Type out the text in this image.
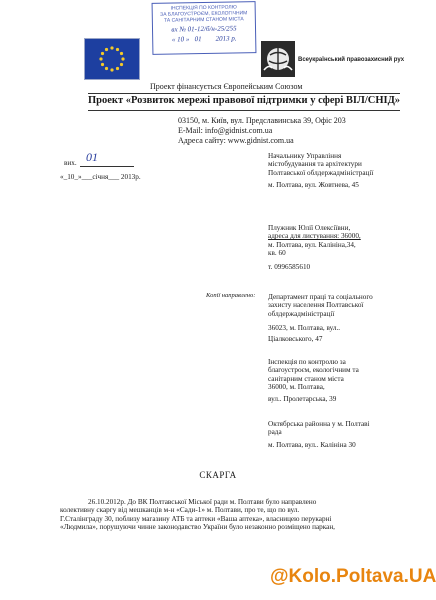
Всеукраїнський правозахисний рух
ІНСПЕКЦІЯ ПО КОНТРОЛЮ
ЗА БЛАГОУСТРОЄМ, ЕКОЛОГІЧНИМ
ТА САНІТАРНИМ СТАНОМ МІСТА
вх № 01-12/б/н-25/255
« 10 »   01        2013 р.
Проект фінансується Європейським Союзом
Проект «Розвиток мережі правової підтримки у сфері ВІЛ/СНІД»
03150, м. Київ, вул. Предславинська 39, Офіс 203
E-Mail: info@gidnist.com.ua
Адреса сайту: www.gidnist.com.ua
вих. 01
«_10_»___січня___ 2013р.
Начальнику Управління
містобудування та архітектури
Полтавської облдержадміністрації
м. Полтава, вул. Жовтнева, 45
Плужник Юлії Олексіївни,
адреса для листування: 36000,
м. Полтава, вул. Калініна,34,
кв. 60
т. 0996585610
Копії направлено: Департамент праці та соціального
захисту населення Полтавської
облдержадміністрації
36023, м. Полтава, вул..
Ціалковського, 47
Інспекція по контролю за
благоустроєм, екологічним та
санітарним станом міста
36000, м. Полтава,
вул.. Пролетарська, 39
Октябрська районна у м. Полтаві
рада
м. Полтава, вул.. Калініна 30
СКАРГА
26.10.2012р. До ВК Полтавської Міської ради м. Полтави було направлено
колективну скаргу від мешканців м-н «Сади-1» м. Полтави, про те, що по вул.
Г.Сталінграду 30, поблизу магазину АТБ та аптеки «Ваша аптека», власницею перукарні
«Людмила», порушуючи чинне законодавство України було незаконно розміщено паркан,
@Kolo.Poltava.UA
